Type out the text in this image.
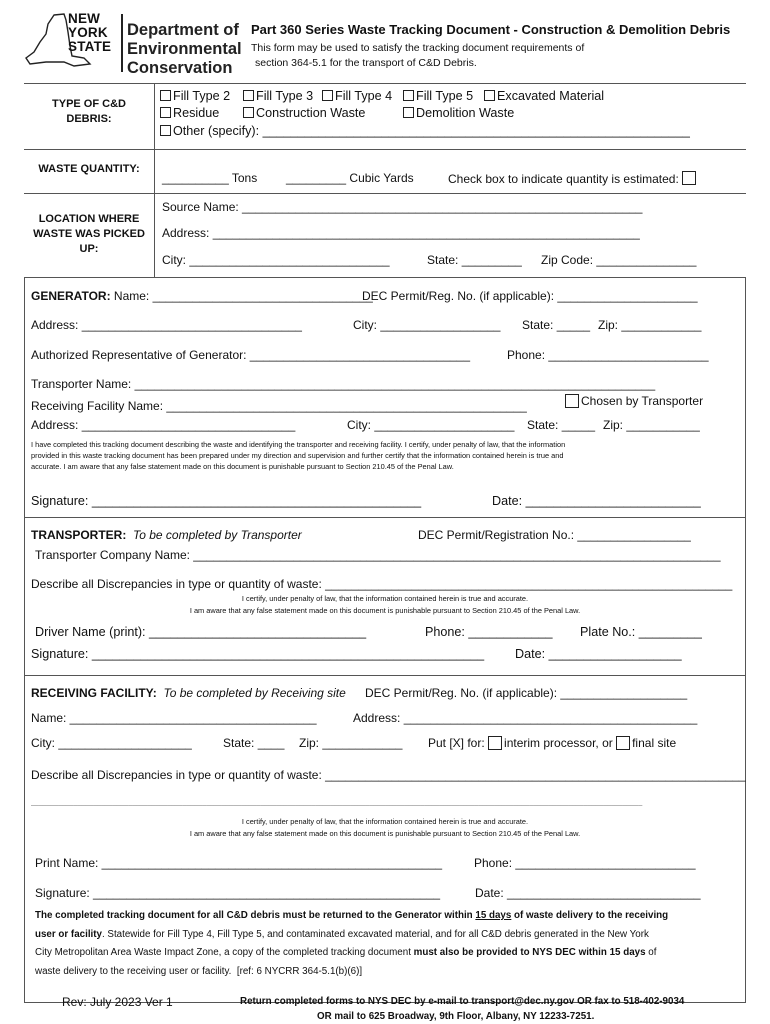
NEW
YORK
STATE
Department of
Environmental
Conservation
Part 360 Series Waste Tracking Document - Construction & Demolition Debris
This form may be used to satisfy the tracking document requirements of
section 364-5.1 for the transport of C&D Debris.
TYPE OF C&D
DEBRIS:
Fill Type 2	Fill Type 3	Fill Type 4	Fill Type 5	Excavated Material
Residue	Construction Waste	Demolition Waste
Other (specify): _____________________________________________________________
WASTE QUANTITY:
__________ Tons _________ Cubic Yards	Check box to indicate quantity is estimated:
LOCATION WHERE
WASTE WAS PICKED
UP:
Source Name: ____________________________________________________________
Address: ________________________________________________________________
City: ______________________________	State: _________ Zip Code: _______________
GENERATOR: Name: _________________________________
DEC Permit/Reg. No. (if applicable): _____________________
Address: _________________________________	City: __________________ State: _____ Zip: ____________
Authorized Representative of Generator: _________________________________	Phone: ________________________
Transporter Name: ______________________________________________________________________________
Receiving Facility Name: ______________________________________________________	Chosen by Transporter
Address: ________________________________	City: _____________________ State: _____ Zip: ___________
I have completed this tracking document describing the waste and identifying the transporter and receiving facility. I certify, under penalty of law, that the information
provided in this waste tracking document has been prepared under my direction and supervision and further certify that the information contained herein is true and
accurate. I am aware that any false statement made on this document is punishable pursuant to Section 210.45 of the Penal Law.
Signature: _______________________________________________	Date: _________________________
TRANSPORTER: To be completed by Transporter	DEC Permit/Registration No.: _________________
Transporter Company Name: _______________________________________________________________________________
Describe all Discrepancies in type or quantity of waste: _____________________________________________________________
I certify, under penalty of law, that the information contained herein is true and accurate.
I am aware that any false statement made on this document is punishable pursuant to Section 210.45 of the Penal Law.
Driver Name (print): _______________________________	Phone: ____________ Plate No.: _________
Signature: ________________________________________________________ Date: ___________________
RECEIVING FACILITY: To be completed by Receiving site DEC Permit/Reg. No. (if applicable): ___________________
Name: _____________________________________	Address: ____________________________________________
City: ____________________	State: ____ Zip: ____________ Put [X] for: interim processor, or final site
Describe all Discrepancies in type or quantity of waste: _______________________________________________________________
_____________________________________________________________________________________________________________________________________________________________
I certify, under penalty of law, that the information contained herein is true and accurate.
I am aware that any false statement made on this document is punishable pursuant to Section 210.45 of the Penal Law.
Print Name: ___________________________________________________	Phone: ___________________________
Signature: ____________________________________________________	Date: _____________________________
The completed tracking document for all C&D debris must be returned to the Generator within 15 days of waste delivery to the receiving
user or facility. Statewide for Fill Type 4, Fill Type 5, and contaminated excavated material, and for all C&D debris generated in the New York
City Metropolitan Area Waste Impact Zone, a copy of the completed tracking document must also be provided to NYS DEC within 15 days of
waste delivery to the receiving user or facility. [ref: 6 NYCRR 364-5.1(b)(6)]
Rev: July 2023 Ver 1	Return completed forms to NYS DEC by e-mail to transport@dec.ny.gov OR fax to 518-402-9034
OR mail to 625 Broadway, 9th Floor, Albany, NY 12233-7251.
